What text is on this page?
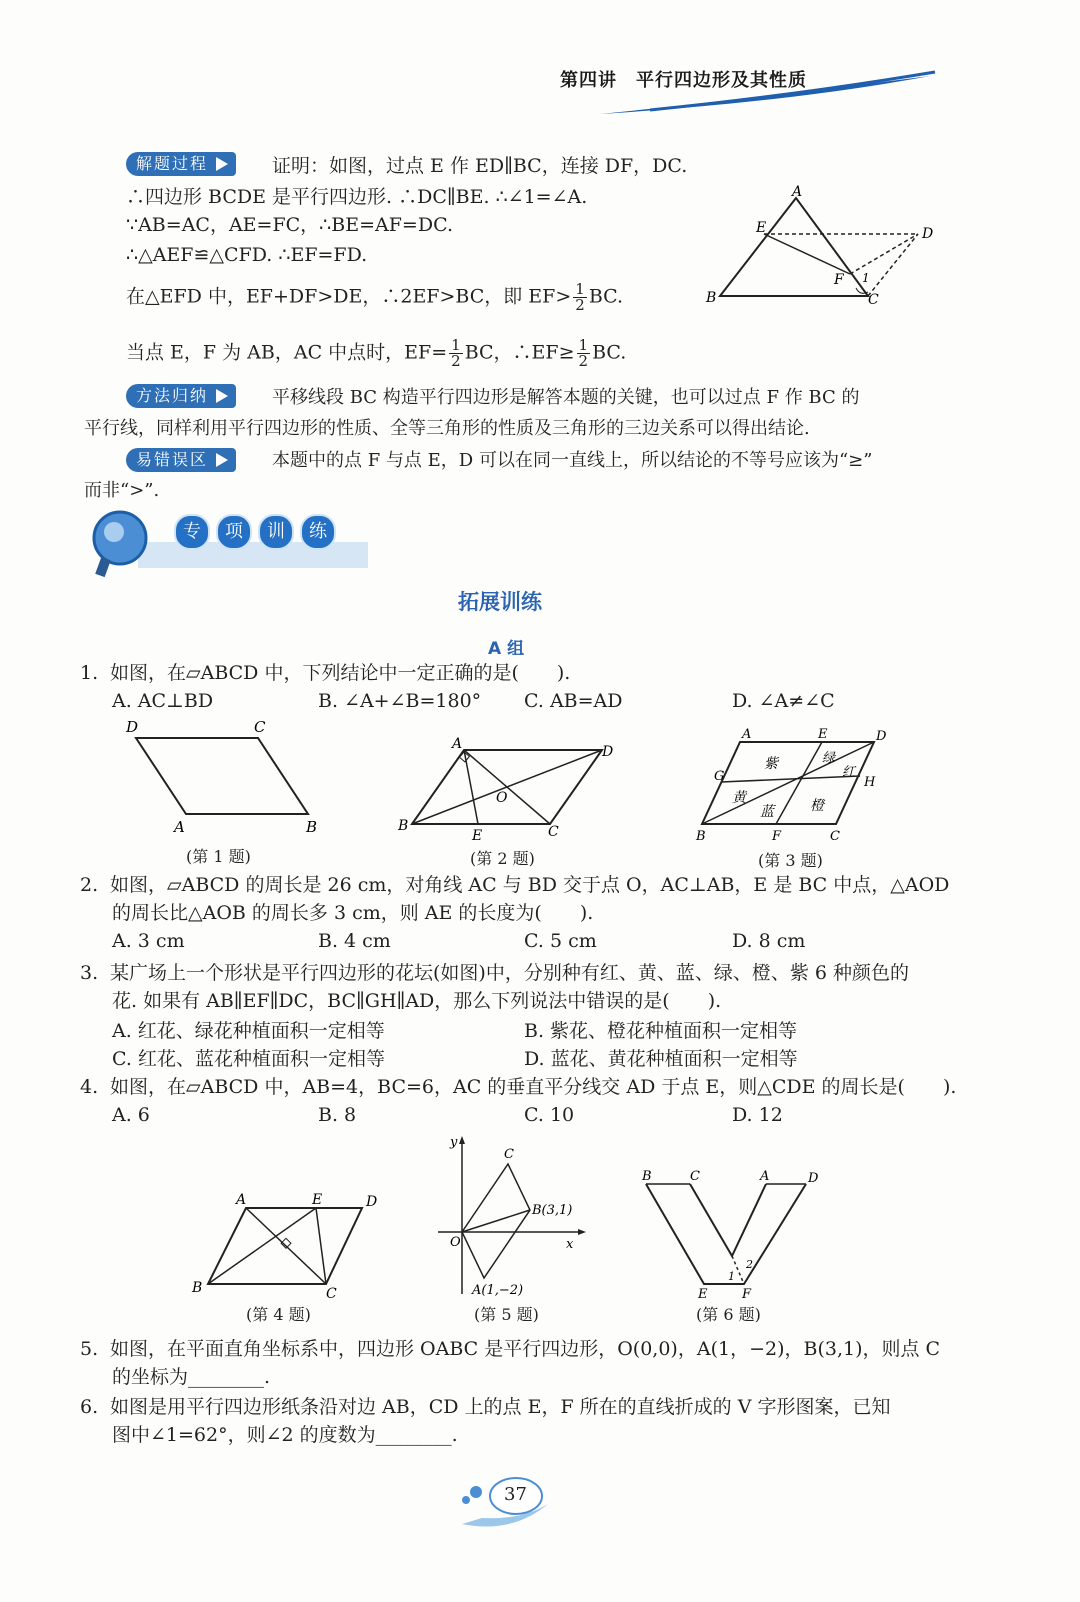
第四讲　平行四边形及其性质
解题过程	证明：如图，过点 E 作 ED∥BC，连接 DF，DC.
∴四边形 BCDE 是平行四边形. ∴DC∥BE. ∴∠1=∠A.
∵AB=AC，AE=FC，∴BE=AF=DC.
∴△AEF≌△CFD. ∴EF=FD.
在△EFD 中，EF+DF>DE，∴2EF>BC，即 $EF> \frac{1}{2}$ BC.
当点 E，F 为 AB，AC 中点时，$EF= \frac{1}{2}$ BC，∴EF≥ $\frac{1}{2}$ BC.
A
E	D
F 1
B	C
方法归纳	平移线段 BC 构造平行四边形是解答本题的关键，也可以过点 F 作 BC 的
平行线，同样利用平行四边形的性质、全等三角形的性质及三角形的三边关系可以得出结论.
易错误区	本题中的点 F 与点 E，D 可以在同一直线上，所以结论的不等号应该为“≥”
而非“>”.
专 项 训 练
拓展训练
A 组
1. 如图，在▱ABCD 中，下列结论中一定正确的是(　　).
A. AC⊥BD	B. ∠A+∠B=180° C. AB=AD	D. ∠A≠∠C
D	C
A	B
(第 1 题)
A	D
O
B
E	C
(第 2 题)
A	E	D
G	H
B	F	C
紫	绿
红
黄
蓝	橙
(第 3 题)
2. 如图，▱ABCD 的周长是 26 cm，对角线 AC 与 BD 交于点 O，AC⊥AB，E 是 BC 中点，△AOD
的周长比△AOB 的周长多 3 cm，则 AE 的长度为(　　).
A. 3 cm	B. 4 cm	C. 5 cm	D. 8 cm
3. 某广场上一个形状是平行四边形的花坛(如图)中，分别种有红、黄、蓝、绿、橙、紫 6 种颜色的
花. 如果有 AB∥EF∥DC，BC∥GH∥AD，那么下列说法中错误的是(　　).
A. 红花、绿花种植面积一定相等	B. 紫花、橙花种植面积一定相等
C. 红花、蓝花种植面积一定相等	D. 蓝花、黄花种植面积一定相等
4. 如图，在▱ABCD 中，AB=4，BC=6，AC 的垂直平分线交 AD 于点 E，则△CDE 的周长是(　　).
A. 6	B. 8	C. 10	D. 12
A	E	D
B	C
(第 4 题)
y
x
O
C
B(3,1)
A(1,−2)
(第 5 题)
B	C	A	D
1
2
E	F
(第 6 题)
5. 如图，在平面直角坐标系中，四边形 OABC 是平行四边形，O(0,0)，A(1，−2)，B(3,1)，则点 C
的坐标为________.
6. 如图是用平行四边形纸条沿对边 AB，CD 上的点 E，F 所在的直线折成的 V 字形图案，已知
图中∠1=62°，则∠2 的度数为________.
37
